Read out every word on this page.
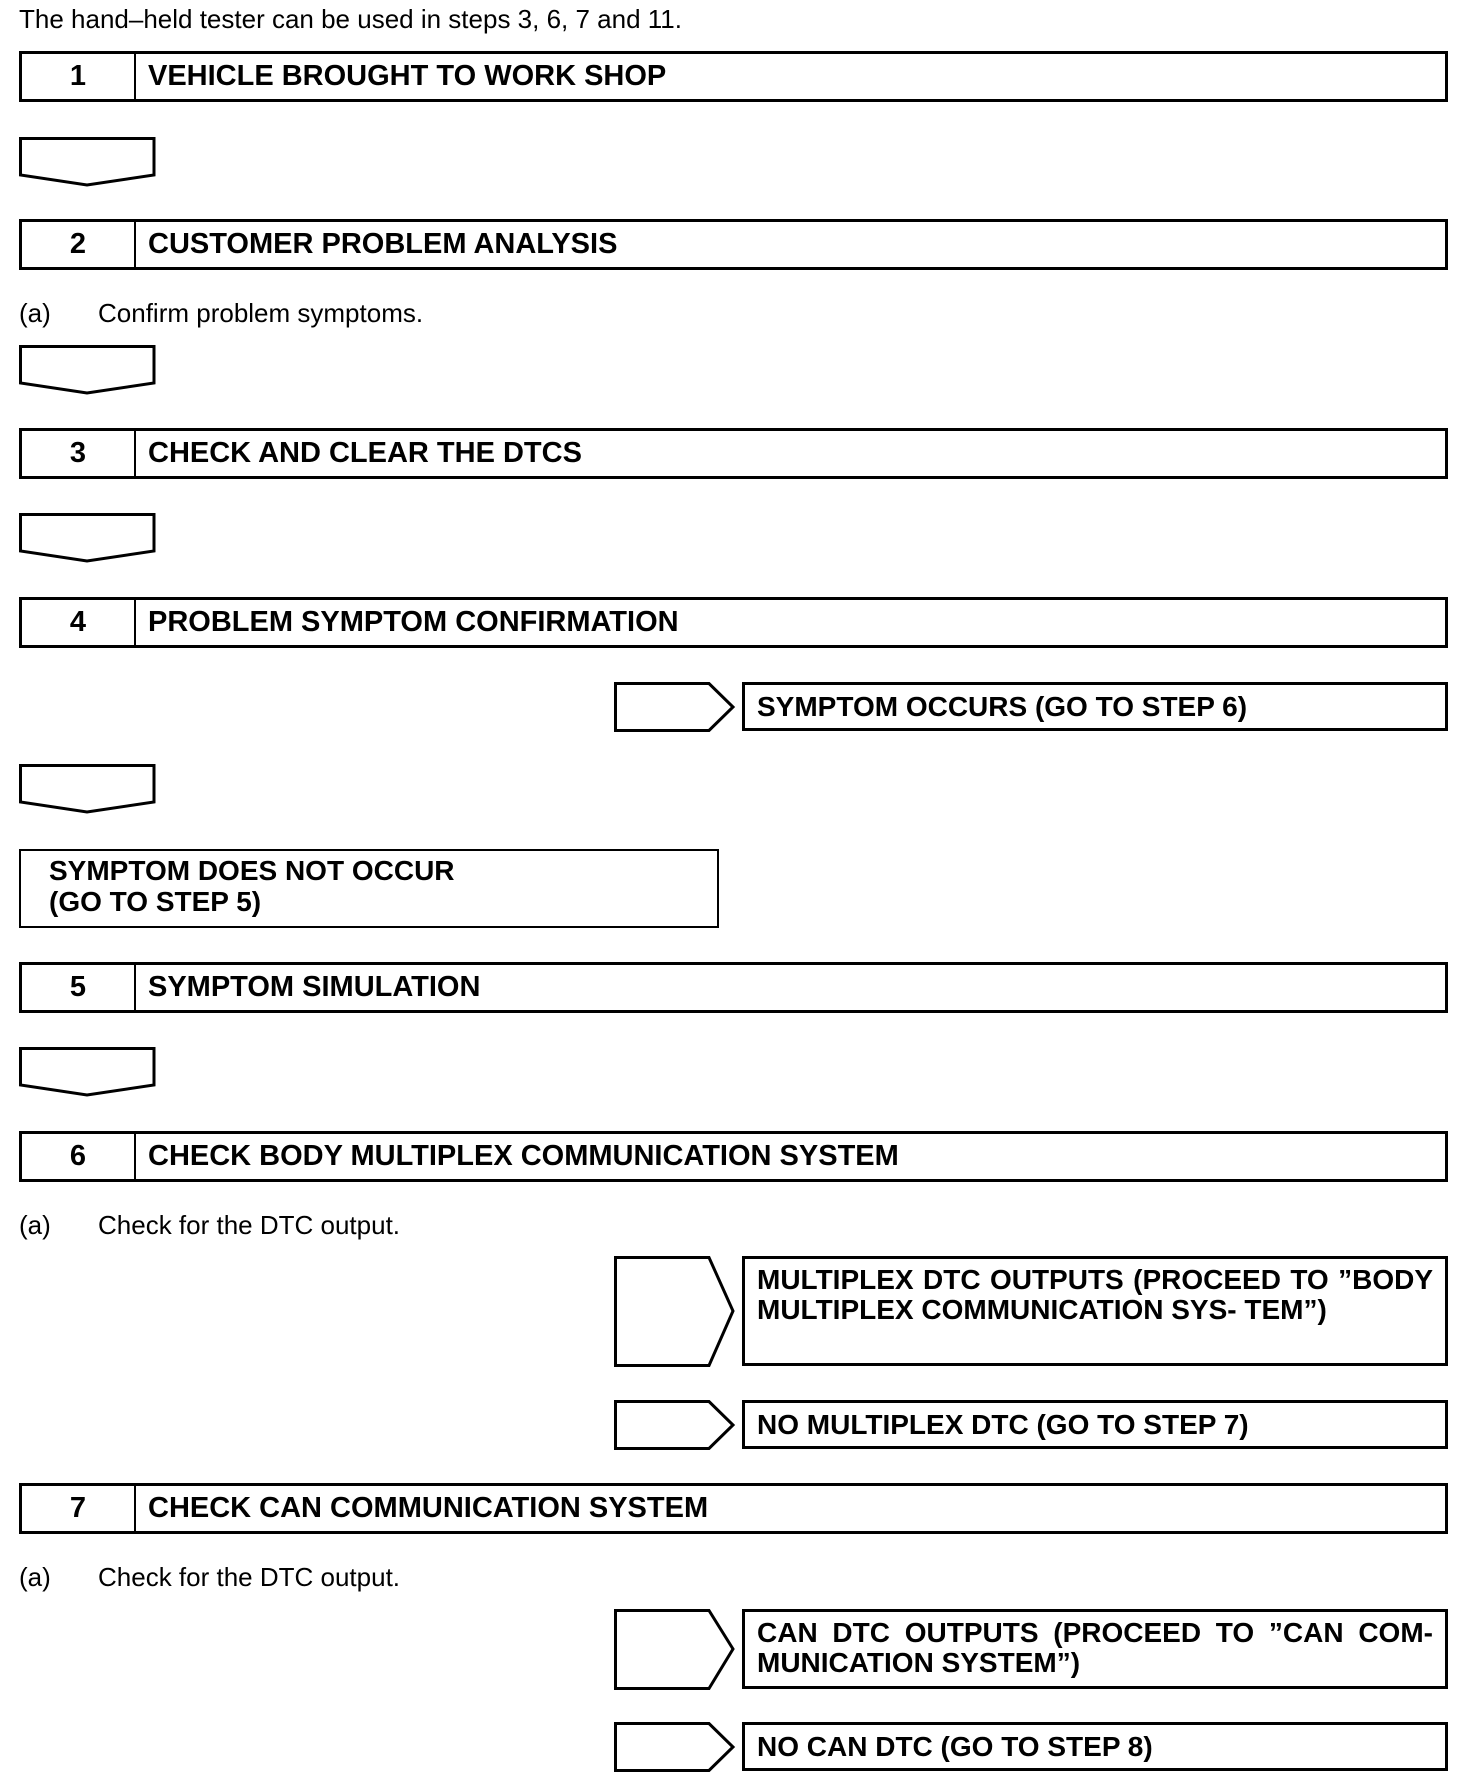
The hand–held tester can be used in steps 3, 6, 7 and 11.
1	VEHICLE BROUGHT TO WORK SHOP
2	CUSTOMER PROBLEM ANALYSIS
(a) Confirm problem symptoms.
3	CHECK AND CLEAR THE DTCS
4	PROBLEM SYMPTOM CONFIRMATION
SYMPTOM OCCURS (GO TO STEP 6)
SYMPTOM DOES NOT OCCUR
(GO TO STEP 5)
5	SYMPTOM SIMULATION
6	CHECK BODY MULTIPLEX COMMUNICATION SYSTEM
(a) Check for the DTC output.
MULTIPLEX DTC OUTPUTS (PROCEED TO ”BODY MULTIPLEX COMMUNICATION SYS- TEM”)
NO MULTIPLEX DTC (GO TO STEP 7)
7	CHECK CAN COMMUNICATION SYSTEM
(a) Check for the DTC output.
CAN DTC OUTPUTS (PROCEED TO ”CAN COM- MUNICATION SYSTEM”)
NO CAN DTC (GO TO STEP 8)
